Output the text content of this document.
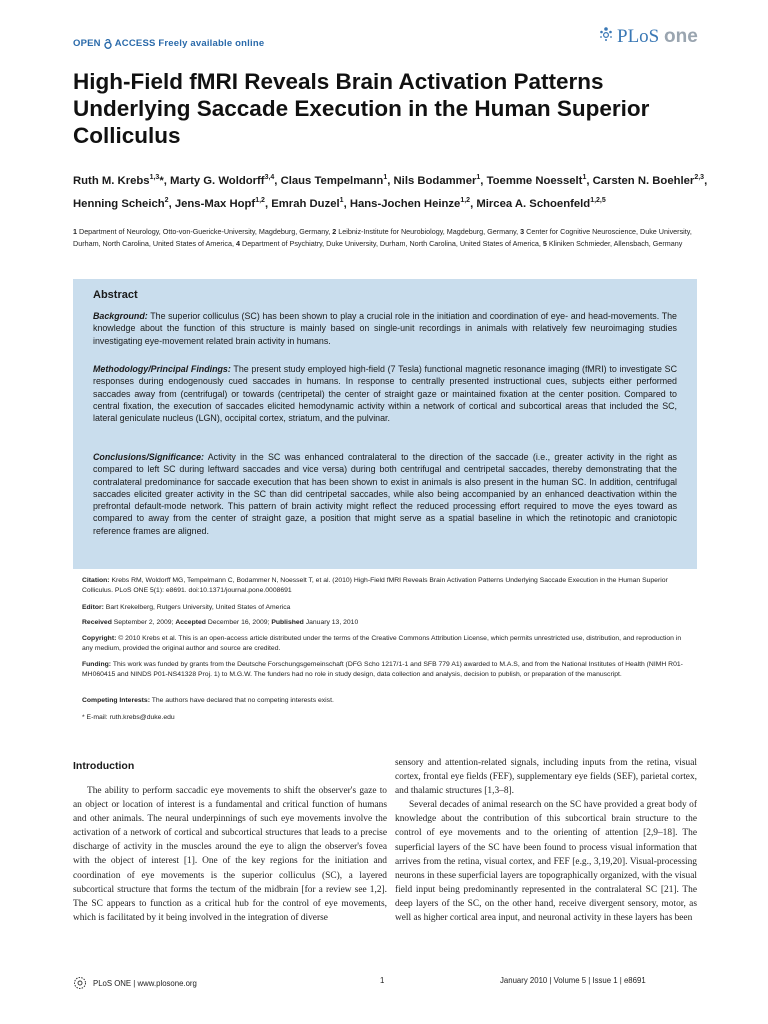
OPEN ACCESS Freely available online	PLoS one
High-Field fMRI Reveals Brain Activation Patterns Underlying Saccade Execution in the Human Superior Colliculus
Ruth M. Krebs$^{1,3}$*, Marty G. Woldorff$^{3,4}$, Claus Tempelmann$^1$, Nils Bodammer$^1$, Toemme Noesselt$^1$, Carsten N. Boehler$^{2,3}$, Henning Scheich$^2$, Jens-Max Hopf$^{1,2}$, Emrah Duzel$^1$, Hans-Jochen Heinze$^{1,2}$, Mircea A. Schoenfeld$^{1,2,5}$
1 Department of Neurology, Otto-von-Guericke-University, Magdeburg, Germany, 2 Leibniz-Institute for Neurobiology, Magdeburg, Germany, 3 Center for Cognitive Neuroscience, Duke University, Durham, North Carolina, United States of America, 4 Department of Psychiatry, Duke University, Durham, North Carolina, United States of America, 5 Kliniken Schmieder, Allensbach, Germany
Abstract
Background: The superior colliculus (SC) has been shown to play a crucial role in the initiation and coordination of eye- and head-movements. The knowledge about the function of this structure is mainly based on single-unit recordings in animals with relatively few neuroimaging studies investigating eye-movement related brain activity in humans.
Methodology/Principal Findings: The present study employed high-field (7 Tesla) functional magnetic resonance imaging (fMRI) to investigate SC responses during endogenously cued saccades in humans. In response to centrally presented instructional cues, subjects either performed saccades away from (centrifugal) or towards (centripetal) the center of straight gaze or maintained fixation at the center position. Compared to central fixation, the execution of saccades elicited hemodynamic activity within a network of cortical and subcortical areas that included the SC, lateral geniculate nucleus (LGN), occipital cortex, striatum, and the pulvinar.
Conclusions/Significance: Activity in the SC was enhanced contralateral to the direction of the saccade (i.e., greater activity in the right as compared to left SC during leftward saccades and vice versa) during both centrifugal and centripetal saccades, thereby demonstrating that the contralateral predominance for saccade execution that has been shown to exist in animals is also present in the human SC. In addition, centrifugal saccades elicited greater activity in the SC than did centripetal saccades, while also being accompanied by an enhanced deactivation within the prefrontal default-mode network. This pattern of brain activity might reflect the reduced processing effort required to move the eyes toward as compared to away from the center of straight gaze, a position that might serve as a spatial baseline in which the retinotopic and craniotopic reference frames are aligned.
Citation: Krebs RM, Woldorff MG, Tempelmann C, Bodammer N, Noesselt T, et al. (2010) High-Field fMRI Reveals Brain Activation Patterns Underlying Saccade Execution in the Human Superior Colliculus. PLoS ONE 5(1): e8691. doi:10.1371/journal.pone.0008691
Editor: Bart Krekelberg, Rutgers University, United States of America
Received September 2, 2009; Accepted December 16, 2009; Published January 13, 2010
Copyright: © 2010 Krebs et al. This is an open-access article distributed under the terms of the Creative Commons Attribution License, which permits unrestricted use, distribution, and reproduction in any medium, provided the original author and source are credited.
Funding: This work was funded by grants from the Deutsche Forschungsgemeinschaft (DFG Scho 1217/1-1 and SFB 779 A1) awarded to M.A.S, and from the National Institutes of Health (NIMH R01-MH060415 and NINDS P01-NS41328 Proj. 1) to M.G.W. The funders had no role in study design, data collection and analysis, decision to publish, or preparation of the manuscript.
Competing Interests: The authors have declared that no competing interests exist.
* E-mail: ruth.krebs@duke.edu
Introduction

The ability to perform saccadic eye movements to shift the observer's gaze to an object or location of interest is a fundamental and critical function of humans and other animals. The neural underpinnings of such eye movements involve the activation of a network of cortical and subcortical structures that leads to a precise discharge of activity in the muscles around the eye to align the observer's fovea with the object of interest [1]. One of the key regions for the initiation and coordination of eye movements is the superior colliculus (SC), a layered subcortical structure that forms the tectum of the midbrain [for a review see 1,2]. The SC appears to function as a critical hub for the control of eye movements, which is facilitated by it being involved in the integration of diverse

sensory and attention-related signals, including inputs from the retina, visual cortex, frontal eye fields (FEF), supplementary eye fields (SEF), parietal cortex, and thalamic structures [1,3–8].

Several decades of animal research on the SC have provided a great body of knowledge about the contribution of this subcortical brain structure to the control of eye movements and to the orienting of attention [2,9–18]. The superficial layers of the SC have been found to process visual information that arrives from the retina, visual cortex, and FEF [e.g., 3,19,20]. Visual-processing neurons in these superficial layers are topographically organized, with the visual field input being predominantly represented in the contralateral SC [21]. The deep layers of the SC, on the other hand, receive divergent sensory, motor, as well as higher cortical area input, and neuronal activity in these layers has been

PLoS ONE | www.plosone.org	1	January 2010 | Volume 5 | Issue 1 | e8691
